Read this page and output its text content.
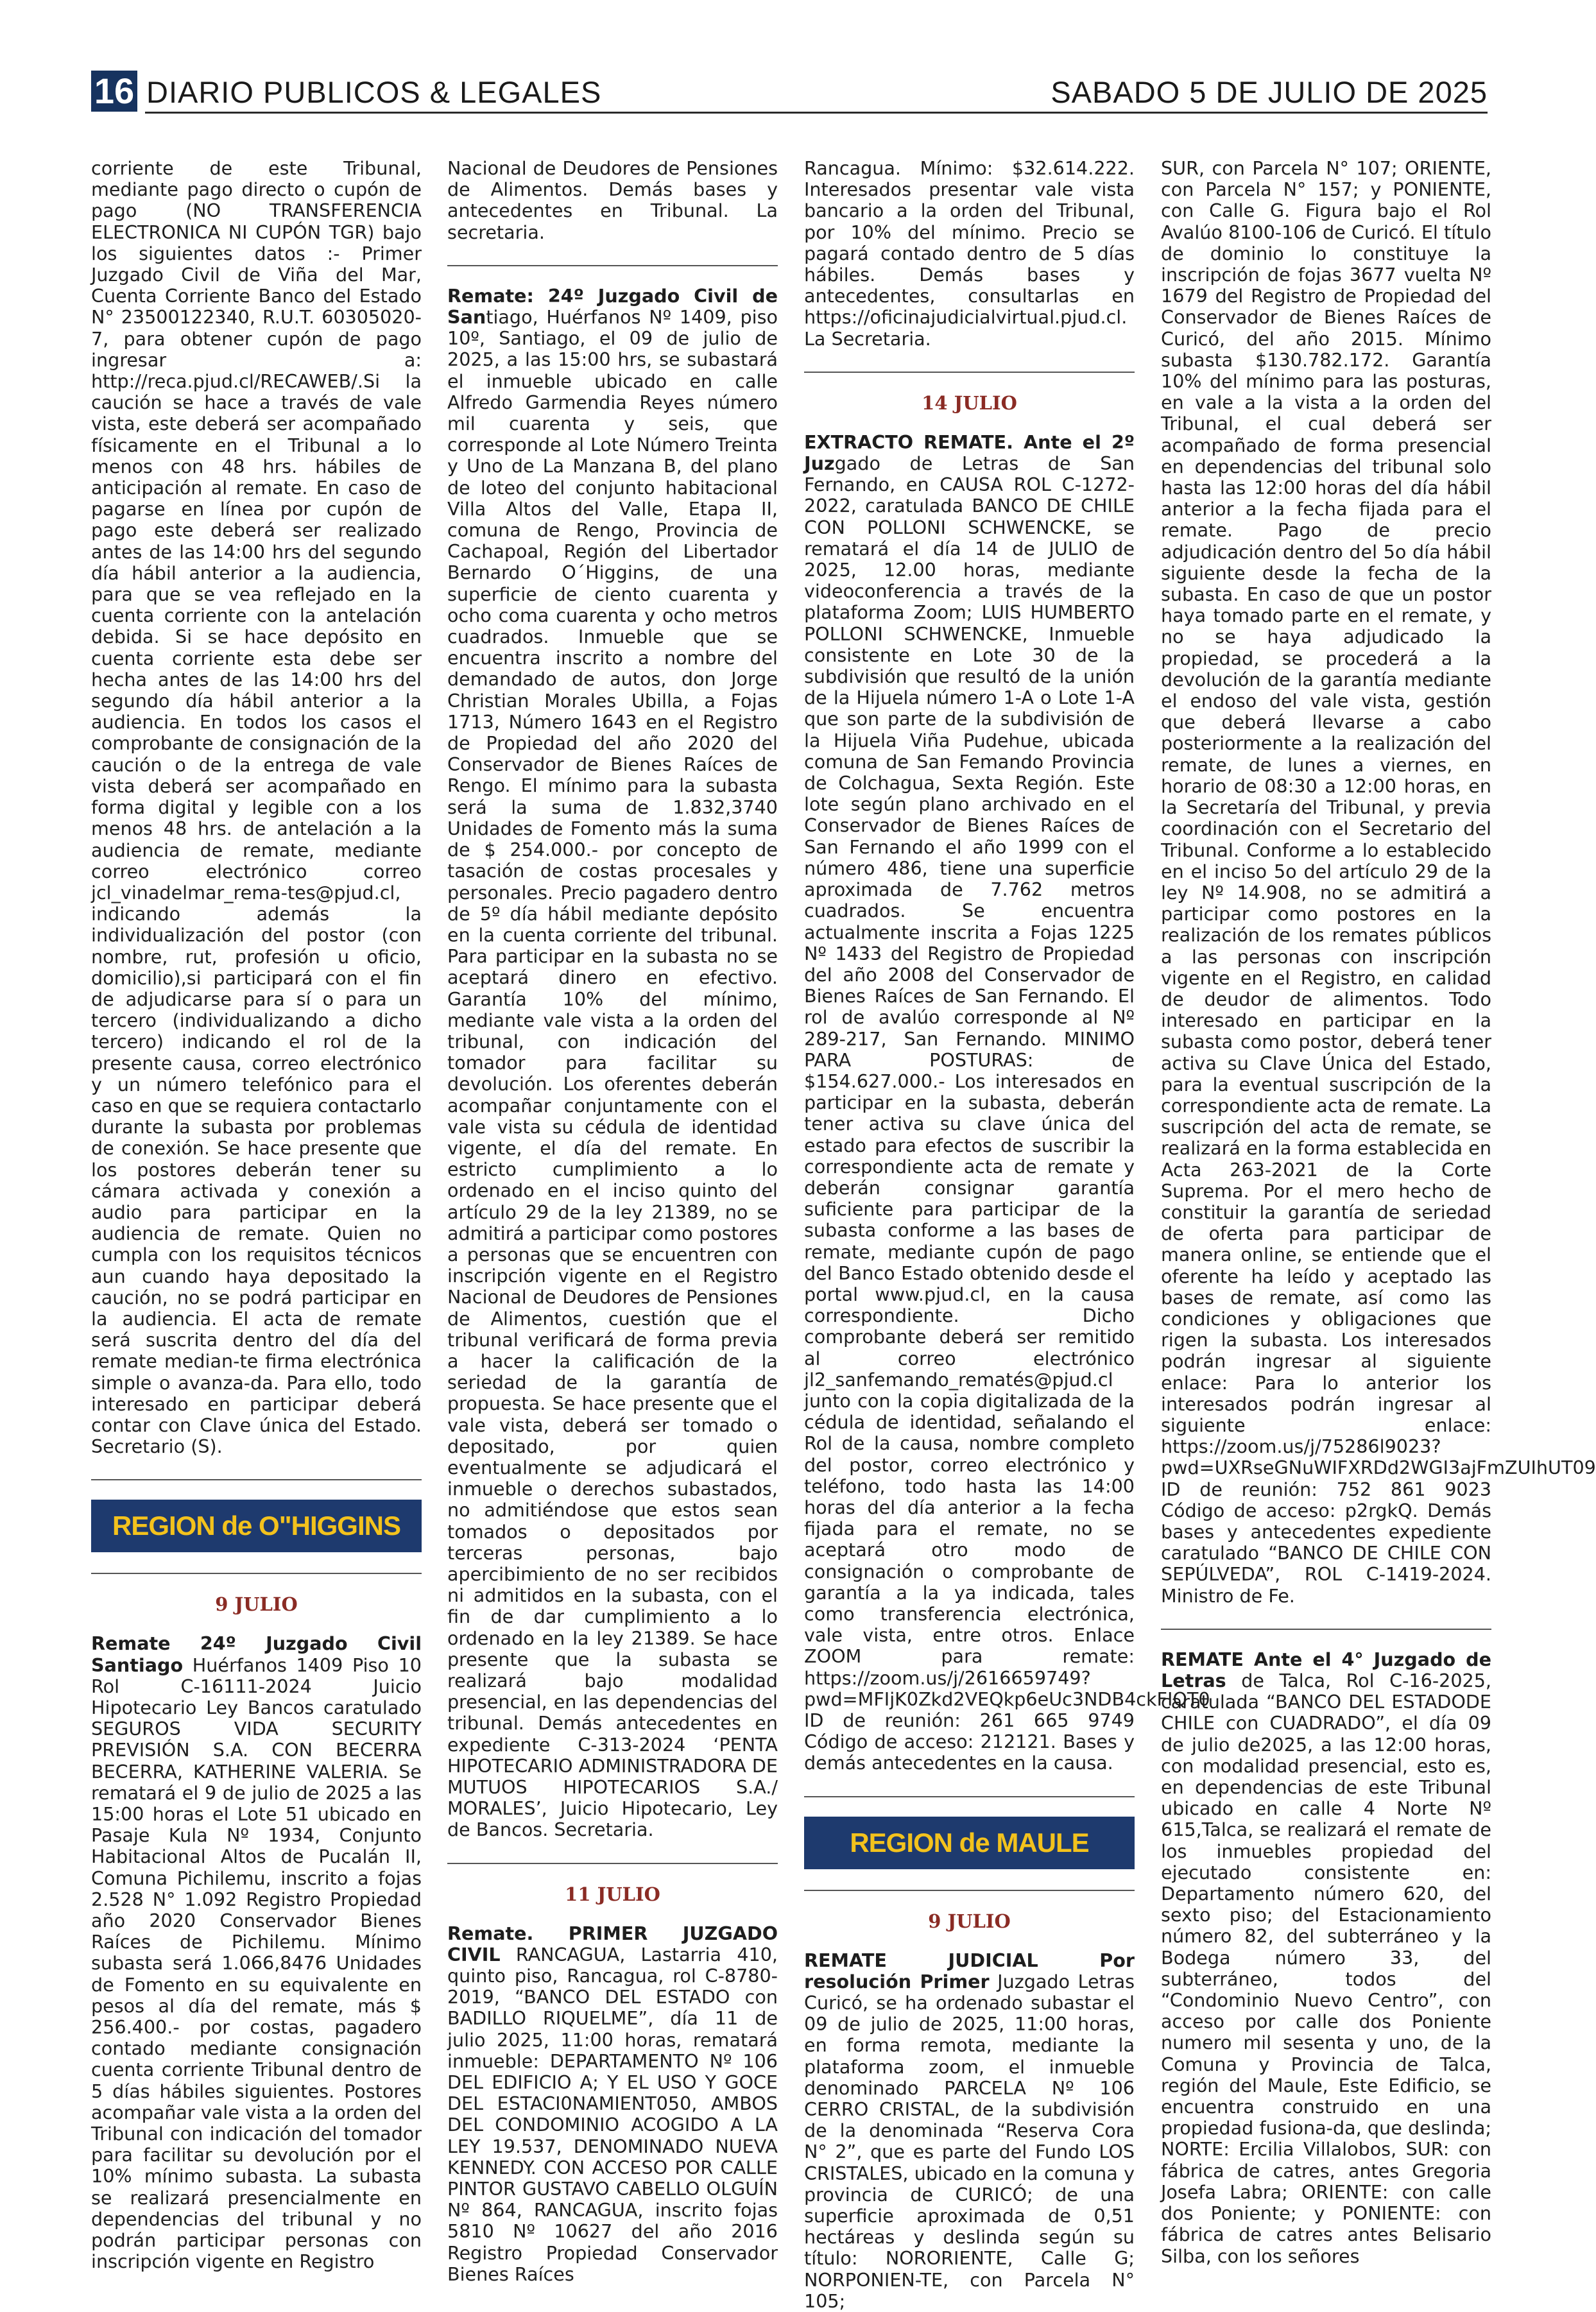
16 DIARIO PUBLICOS & LEGALES	SABADO 5 DE JULIO DE 2025

corriente de este Tribunal, mediante pago directo o cupón de pago (NO TRANSFERENCIA ELECTRONICA NI CUPÓN TGR) bajo los siguientes datos :- Primer Juzgado Civil de Viña del Mar, Cuenta Corriente Banco del Estado N° 23500122340, R.U.T. 60305020-7, para obtener cupón de pago ingresar a: http://reca.pjud.cl/RECAWEB/.Si la caución se hace a través de vale vista, este deberá ser acompañado físicamente en el Tribunal a lo menos con 48 hrs. hábiles de anticipación al remate. En caso de pagarse en línea por cupón de pago este deberá ser realizado antes de las 14:00 hrs del segundo día hábil anterior a la audiencia, para que se vea reflejado en la cuenta corriente con la antelación debida. Si se hace depósito en cuenta corriente esta debe ser hecha antes de las 14:00 hrs del segundo día hábil anterior a la audiencia. En todos los casos el comprobante de consignación de la caución o de la entrega de vale vista deberá ser acompañado en forma digital y legible con a los menos 48 hrs. de antelación a la audiencia de remate, mediante correo electrónico correo jcl_vinadelmar_rema-tes@pjud.cl, indicando además la individualización del postor (con nombre, rut, profesión u oficio, domicilio),si participará con el fin de adjudicarse para sí o para un tercero (individualizando a dicho tercero) indicando el rol de la presente causa, correo electrónico y un número telefónico para el caso en que se requiera contactarlo durante la subasta por problemas de conexión. Se hace presente que los postores deberán tener su cámara activada y conexión a audio para participar en la audiencia de remate. Quien no cumpla con los requisitos técnicos aun cuando haya depositado la caución, no se podrá participar en la audiencia. El acta de remate será suscrita dentro del día del remate median-te firma electrónica simple o avanza-da. Para ello, todo interesado en participar deberá contar con Clave única del Estado. Secretario (S).

REGION de O"HIGGINS
9 JULIO

Remate 24º Juzgado Civil Santiago Huérfanos 1409 Piso 10 Rol C-16111-2024 Juicio Hipotecario Ley Bancos caratulado SEGUROS VIDA SECURITY PREVISIÓN S.A. CON BECERRA BECERRA, KATHERINE VALERIA. Se rematará el 9 de julio de 2025 a las 15:00 horas el Lote 51 ubicado en Pasaje Kula Nº 1934, Conjunto Habitacional Altos de Pucalán II, Comuna Pichilemu, inscrito a fojas 2.528 N° 1.092 Registro Propiedad año 2020 Conservador Bienes Raíces de Pichilemu. Mínimo subasta será 1.066,8476 Unidades de Fomento en su equivalente en pesos al día del remate, más $ 256.400.- por costas, pagadero contado mediante consignación cuenta corriente Tribunal dentro de 5 días hábiles siguientes. Postores acompañar vale vista a la orden del Tribunal con indicación del tomador para facilitar su devolución por el 10% mínimo subasta. La subasta se realizará presencialmente en dependencias del tribunal y no podrán participar personas con inscripción vigente en Registro

Nacional de Deudores de Pensiones de Alimentos. Demás bases y antecedentes en Tribunal. La secretaria.

Remate: 24º Juzgado Civil de Santiago, Huérfanos Nº 1409, piso 10º, Santiago, el 09 de julio de 2025, a las 15:00 hrs, se subastará el inmueble ubicado en calle Alfredo Garmendia Reyes número mil cuarenta y seis, que corresponde al Lote Número Treinta y Uno de La Manzana B, del plano de loteo del conjunto habitacional Villa Altos del Valle, Etapa II, comuna de Rengo, Provincia de Cachapoal, Región del Libertador Bernardo O´Higgins, de una superficie de ciento cuarenta y ocho coma cuarenta y ocho metros cuadrados. Inmueble que se encuentra inscrito a nombre del demandado de autos, don Jorge Christian Morales Ubilla, a Fojas 1713, Número 1643 en el Registro de Propiedad del año 2020 del Conservador de Bienes Raíces de Rengo. El mínimo para la subasta será la suma de 1.832,3740 Unidades de Fomento más la suma de $ 254.000.- por concepto de tasación de costas procesales y personales. Precio pagadero dentro de 5º día hábil mediante depósito en la cuenta corriente del tribunal. Para participar en la subasta no se aceptará dinero en efectivo. Garantía 10% del mínimo, mediante vale vista a la orden del tribunal, con indicación del tomador para facilitar su devolución. Los oferentes deberán acompañar conjuntamente con el vale vista su cédula de identidad vigente, el día del remate. En estricto cumplimiento a lo ordenado en el inciso quinto del artículo 29 de la ley 21389, no se admitirá a participar como postores a personas que se encuentren con inscripción vigente en el Registro Nacional de Deudores de Pensiones de Alimentos, cuestión que el tribunal verificará de forma previa a hacer la calificación de la seriedad de la garantía de propuesta. Se hace presente que el vale vista, deberá ser tomado o depositado, por quien eventualmente se adjudicará el inmueble o derechos subastados, no admitiéndose que estos sean tomados o depositados por terceras personas, bajo apercibimiento de no ser recibidos ni admitidos en la subasta, con el fin de dar cumplimiento a lo ordenado en la ley 21389. Se hace presente que la subasta se realizará bajo modalidad presencial, en las dependencias del tribunal. Demás antecedentes en expediente C-313-2024 ‘PENTA HIPOTECARIO ADMINISTRADORA DE MUTUOS HIPOTECARIOS S.A./ MORALES’, Juicio Hipotecario, Ley de Bancos. Secretaria.

11 JULIO

Remate. PRIMER JUZGADO CIVIL RANCAGUA, Lastarria 410, quinto piso, Rancagua, rol C-8780-2019, “BANCO DEL ESTADO con BADILLO RIQUELME”, día 11 de julio 2025, 11:00 horas, rematará inmueble: DEPARTAMENTO Nº 106 DEL EDIFICIO A; Y EL USO Y GOCE DEL ESTACI0NAMIENT050, AMBOS DEL CONDOMINIO ACOGIDO A LA LEY 19.537, DENOMINADO NUEVA KENNEDY. CON ACCESO POR CALLE PINTOR GUSTAVO CABELLO OLGUÍN Nº 864, RANCAGUA, inscrito fojas 5810 Nº 10627 del año 2016 Registro Propiedad Conservador Bienes Raíces

Rancagua. Mínimo: $32.614.222. Interesados presentar vale vista bancario a la orden del Tribunal, por 10% del mínimo. Precio se pagará contado dentro de 5 días hábiles. Demás bases y antecedentes, consultarlas en https://oficinajudicialvirtual.pjud.cl. La Secretaria.

14 JULIO

EXTRACTO REMATE. Ante el 2º Juzgado de Letras de San Fernando, en CAUSA ROL C-1272-2022, caratulada BANCO DE CHILE CON POLLONI SCHWENCKE, se rematará el día 14 de JULIO de 2025, 12.00 horas, mediante videoconferencia a través de la plataforma Zoom; LUIS HUMBERTO POLLONI SCHWENCKE, Inmueble consistente en Lote 30 de la subdivisión que resultó de la unión de la Hijuela número 1-A o Lote 1-A que son parte de la subdivisión de la Hijuela Viña Pudehue, ubicada comuna de San Femando Provincia de Colchagua, Sexta Región. Este lote según plano archivado en el Conservador de Bienes Raíces de San Fernando el año 1999 con el número 486, tiene una superficie aproximada de 7.762 metros cuadrados. Se encuentra actualmente inscrita a Fojas 1225 Nº 1433 del Registro de Propiedad del año 2008 del Conservador de Bienes Raíces de San Fernando. El rol de avalúo corresponde al Nº 289-217, San Fernando. MINIMO PARA POSTURAS: de $154.627.000.- Los interesados en participar en la subasta, deberán tener activa su clave única del estado para efectos de suscribir la correspondiente acta de remate y deberán consignar garantía suficiente para participar de la subasta conforme a las bases de remate, mediante cupón de pago del Banco Estado obtenido desde el portal www.pjud.cl, en la causa correspondiente. Dicho comprobante deberá ser remitido al correo electrónico jl2_sanfemando_rematés@pjud.cl junto con la copia digitalizada de la cédula de identidad, señalando el Rol de la causa, nombre completo del postor, correo electrónico y teléfono, todo hasta las 14:00 horas del día anterior a la fecha fijada para el remate, no se aceptará otro modo de consignación o comprobante de garantía a la ya indicada, tales como transferencia electrónica, vale vista, entre otros. Enlace ZOOM para remate: https://zoom.us/j/2616659749?pwd=MFIjK0Zkd2VEQkp6eUc3NDB4ckFIQT0 ID de reunión: 261 665 9749 Código de acceso: 212121. Bases y demás antecedentes en la causa.

REGION de MAULE
9 JULIO

REMATE JUDICIAL Por resolución Primer Juzgado Letras Curicó, se ha ordenado subastar el 09 de julio de 2025, 11:00 horas, en forma remota, mediante la plataforma zoom, el inmueble denominado PARCELA Nº 106 CERRO CRISTAL, de la subdivisión de la denominada “Reserva Cora N° 2”, que es parte del Fundo LOS CRISTALES, ubicado en la comuna y provincia de CURICÓ; de una superficie aproximada de 0,51 hectáreas y deslinda según su título: NORORIENTE, Calle G; NORPONIEN-TE, con Parcela N° 105;

SUR, con Parcela N° 107; ORIENTE, con Parcela N° 157; y PONIENTE, con Calle G. Figura bajo el Rol Avalúo 8100-106 de Curicó. El título de dominio lo constituye la inscripción de fojas 3677 vuelta Nº 1679 del Registro de Propiedad del Conservador de Bienes Raíces de Curicó, del año 2015. Mínimo subasta $130.782.172. Garantía 10% del mínimo para las posturas, en vale a la vista a la orden del Tribunal, el cual deberá ser acompañado de forma presencial en dependencias del tribunal solo hasta las 12:00 horas del día hábil anterior a la fecha fijada para el remate. Pago de precio adjudicación dentro del 5o día hábil siguiente desde la fecha de la subasta. En caso de que un postor haya tomado parte en el remate, y no se haya adjudicado la propiedad, se procederá a la devolución de la garantía mediante el endoso del vale vista, gestión que deberá llevarse a cabo posteriormente a la realización del remate, de lunes a viernes, en horario de 08:30 a 12:00 horas, en la Secretaría del Tribunal, y previa coordinación con el Secretario del Tribunal. Conforme a lo establecido en el inciso 5o del artículo 29 de la ley Nº 14.908, no se admitirá a participar como postores en la realización de los remates públicos a las personas con inscripción vigente en el Registro, en calidad de deudor de alimentos. Todo interesado en participar en la subasta como postor, deberá tener activa su Clave Única del Estado, para la eventual suscripción de la correspondiente acta de remate. La suscripción del acta de remate, se realizará en la forma establecida en Acta 263-2021 de la Corte Suprema. Por el mero hecho de constituir la garantía de seriedad de oferta para participar de manera online, se entiende que el oferente ha leído y aceptado las bases de remate, así como las condiciones y obligaciones que rigen la subasta. Los interesados podrán ingresar al siguiente enlace: Para lo anterior los interesados podrán ingresar al siguiente enlace: https://zoom.us/j/75286l9023?pwd=UXRseGNuWIFXRDd2WGI3ajFmZUIhUT09 ID de reunión: 752 861 9023 Código de acceso: p2rgkQ. Demás bases y antecedentes expediente caratulado “BANCO DE CHILE CON SEPÚLVEDA”, ROL C-1419-2024. Ministro de Fe.

REMATE Ante el 4° Juzgado de Letras de Talca, Rol C-16-2025, caratulada “BANCO DEL ESTADODE CHILE con CUADRADO”, el día 09 de julio de2025, a las 12:00 horas, con modalidad presencial, esto es, en dependencias de este Tribunal ubicado en calle 4 Norte Nº 615,Talca, se realizará el remate de los inmuebles propiedad del ejecutado consistente en: Departamento número 620, del sexto piso; del Estacionamiento número 82, del subterráneo y la Bodega número 33, del subterráneo, todos del “Condominio Nuevo Centro”, con acceso por calle dos Poniente numero mil sesenta y uno, de la Comuna y Provincia de Talca, región del Maule, Este Edificio, se encuentra construido en una propiedad fusiona-da, que deslinda; NORTE: Ercilia Villalobos, SUR: con fábrica de catres, antes Gregoria Josefa Labra; ORIENTE: con calle dos Poniente; y PONIENTE: con fábrica de catres antes Belisario Silba, con los señores
